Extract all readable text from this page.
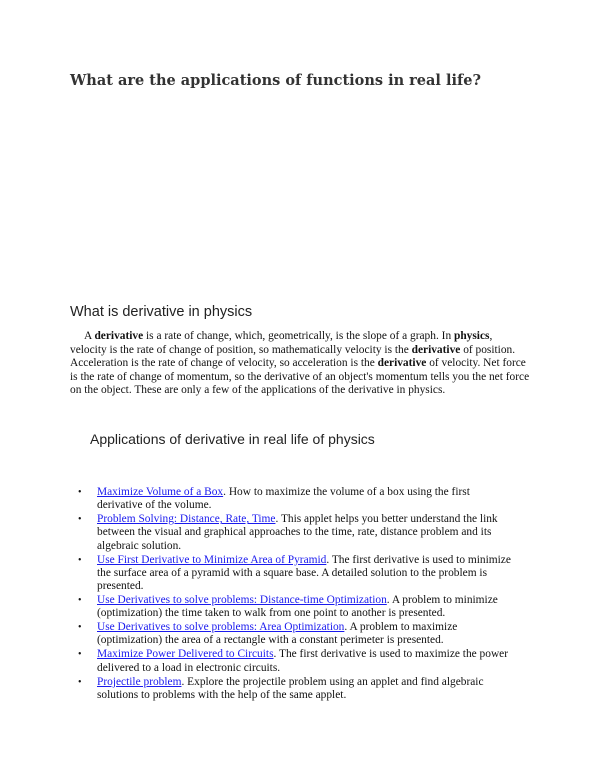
What are the applications of functions in real life?
What is derivative in physics
A derivative is a rate of change, which, geometrically, is the slope of a graph. In physics, velocity is the rate of change of position, so mathematically velocity is the derivative of position. Acceleration is the rate of change of velocity, so acceleration is the derivative of velocity. Net force is the rate of change of momentum, so the derivative of an object's momentum tells you the net force on the object. These are only a few of the applications of the derivative in physics.
Applications of derivative in real life of physics
• Maximize Volume of a Box. How to maximize the volume of a box using the first derivative of the volume.
• Problem Solving: Distance, Rate, Time. This applet helps you better understand the link between the visual and graphical approaches to the time, rate, distance problem and its algebraic solution.
• Use First Derivative to Minimize Area of Pyramid. The first derivative is used to minimize the surface area of a pyramid with a square base. A detailed solution to the problem is presented.
• Use Derivatives to solve problems: Distance-time Optimization. A problem to minimize (optimization) the time taken to walk from one point to another is presented.
• Use Derivatives to solve problems: Area Optimization. A problem to maximize (optimization) the area of a rectangle with a constant perimeter is presented.
• Maximize Power Delivered to Circuits. The first derivative is used to maximize the power delivered to a load in electronic circuits.
• Projectile problem. Explore the projectile problem using an applet and find algebraic solutions to problems with the help of the same applet.
